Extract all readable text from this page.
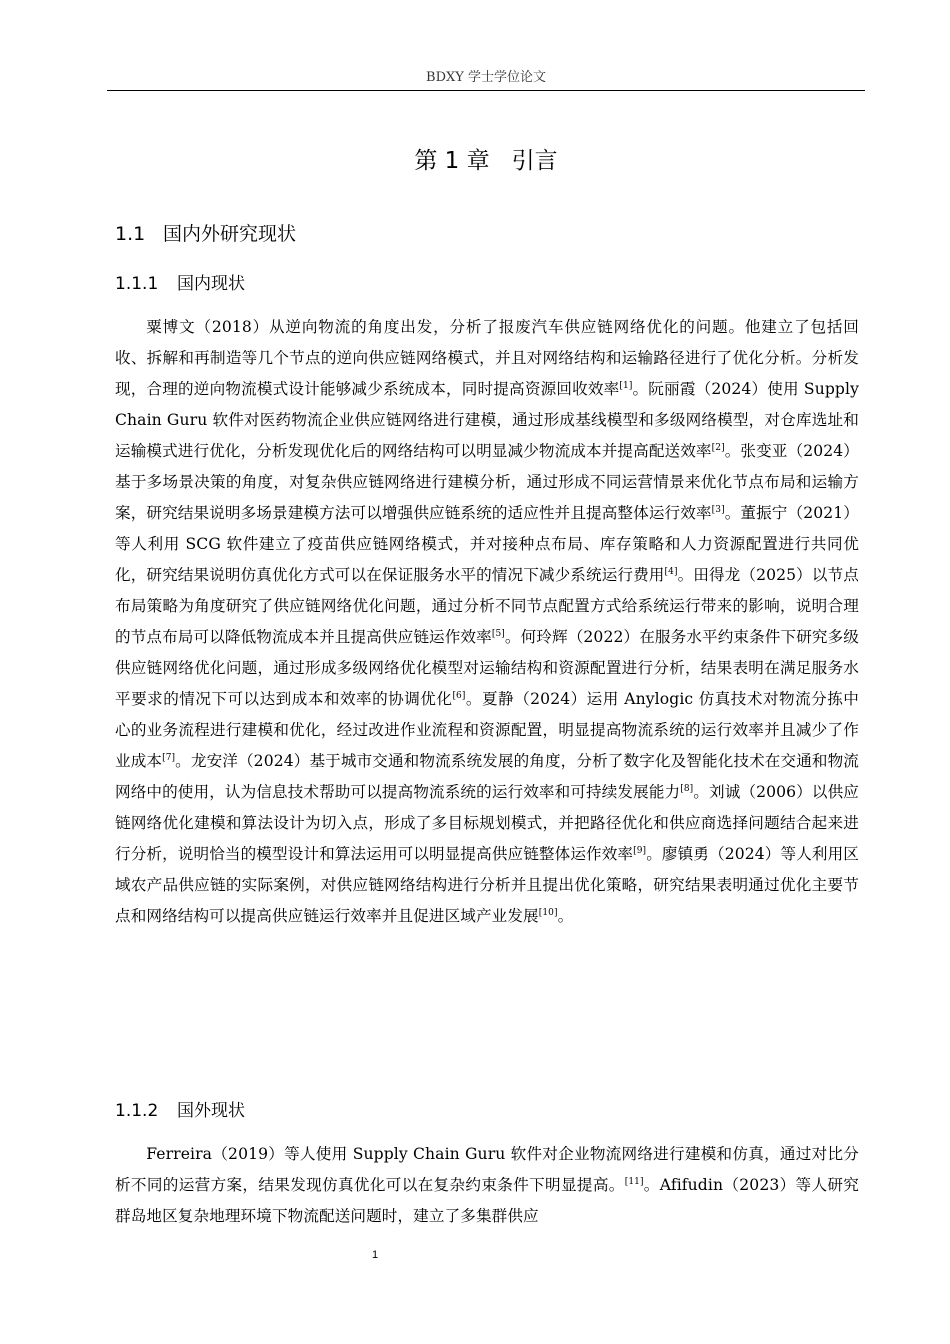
BDXY 学士学位论文
第 1 章 引言
1.1 国内外研究现状
1.1.1 国内现状

粟博文（2018）从逆向物流的角度出发，分析了报废汽车供应链网络优化的问题。他建立了包括回收、拆解和再制造等几个节点的逆向供应链网络模式，并且对网络结构和运输路径进行了优化分析。分析发现，合理的逆向物流模式设计能够减少系统成本，同时提高资源回收效率[1]。阮丽霞（2024）使用 Supply Chain Guru 软件对医药物流企业供应链网络进行建模，通过形成基线模型和多级网络模型，对仓库选址和运输模式进行优化，分析发现优化后的网络结构可以明显减少物流成本并提高配送效率[2]。张变亚（2024）基于多场景决策的角度，对复杂供应链网络进行建模分析，通过形成不同运营情景来优化节点布局和运输方案，研究结果说明多场景建模方法可以增强供应链系统的适应性并且提高整体运行效率[3]。董振宁（2021）等人利用 SCG 软件建立了疫苗供应链网络模式，并对接种点布局、库存策略和人力资源配置进行共同优化，研究结果说明仿真优化方式可以在保证服务水平的情况下减少系统运行费用[4]。田得龙（2025）以节点布局策略为角度研究了供应链网络优化问题，通过分析不同节点配置方式给系统运行带来的影响，说明合理的节点布局可以降低物流成本并且提高供应链运作效率[5]。何玲辉（2022）在服务水平约束条件下研究多级供应链网络优化问题，通过形成多级网络优化模型对运输结构和资源配置进行分析，结果表明在满足服务水平要求的情况下可以达到成本和效率的协调优化[6]。夏静（2024）运用 Anylogic 仿真技术对物流分拣中心的业务流程进行建模和优化，经过改进作业流程和资源配置，明显提高物流系统的运行效率并且减少了作业成本[7]。龙安洋（2024）基于城市交通和物流系统发展的角度，分析了数字化及智能化技术在交通和物流网络中的使用，认为信息技术帮助可以提高物流系统的运行效率和可持续发展能力[8]。刘诚（2006）以供应链网络优化建模和算法设计为切入点，形成了多目标规划模式，并把路径优化和供应商选择问题结合起来进行分析，说明恰当的模型设计和算法运用可以明显提高供应链整体运作效率[9]。廖镇勇（2024）等人利用区域农产品供应链的实际案例，对供应链网络结构进行分析并且提出优化策略，研究结果表明通过优化主要节点和网络结构可以提高供应链运行效率并且促进区域产业发展[10]。

1.1.2 国外现状

Ferreira（2019）等人使用 Supply Chain Guru 软件对企业物流网络进行建模和仿真，通过对比分析不同的运营方案，结果发现仿真优化可以在复杂约束条件下明显提高。[11]。Afifudin（2023）等人研究群岛地区复杂地理环境下物流配送问题时，建立了多集群供应

1
